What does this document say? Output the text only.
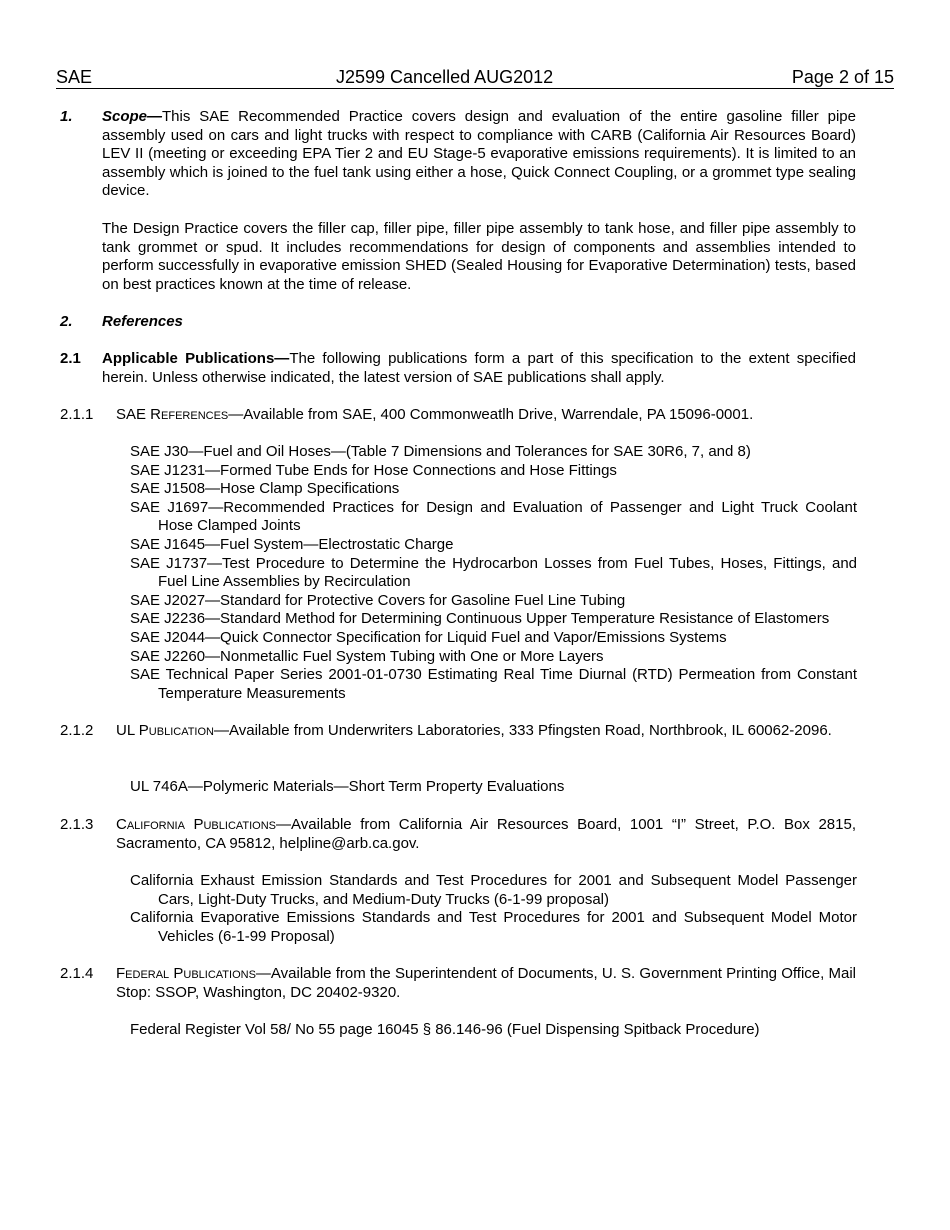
SAE	J2599 Cancelled AUG2012	Page 2 of 15
1. Scope—This SAE Recommended Practice covers design and evaluation of the entire gasoline filler pipe assembly used on cars and light trucks with respect to compliance with CARB (California Air Resources Board) LEV II (meeting or exceeding EPA Tier 2 and EU Stage-5 evaporative emissions requirements). It is limited to an assembly which is joined to the fuel tank using either a hose, Quick Connect Coupling, or a grommet type sealing device.
The Design Practice covers the filler cap, filler pipe, filler pipe assembly to tank hose, and filler pipe assembly to tank grommet or spud. It includes recommendations for design of components and assemblies intended to perform successfully in evaporative emission SHED (Sealed Housing for Evaporative Determination) tests, based on best practices known at the time of release.
2. References
2.1 Applicable Publications—The following publications form a part of this specification to the extent specified herein. Unless otherwise indicated, the latest version of SAE publications shall apply.
2.1.1 SAE References—Available from SAE, 400 Commonweatlh Drive, Warrendale, PA 15096-0001.
SAE J30—Fuel and Oil Hoses—(Table 7 Dimensions and Tolerances for SAE 30R6, 7, and 8)
SAE J1231—Formed Tube Ends for Hose Connections and Hose Fittings
SAE J1508—Hose Clamp Specifications
SAE J1697—Recommended Practices for Design and Evaluation of Passenger and Light Truck Coolant Hose Clamped Joints
SAE J1645—Fuel System—Electrostatic Charge
SAE J1737—Test Procedure to Determine the Hydrocarbon Losses from Fuel Tubes, Hoses, Fittings, and Fuel Line Assemblies by Recirculation
SAE J2027—Standard for Protective Covers for Gasoline Fuel Line Tubing
SAE J2236—Standard Method for Determining Continuous Upper Temperature Resistance of Elastomers
SAE J2044—Quick Connector Specification for Liquid Fuel and Vapor/Emissions Systems
SAE J2260—Nonmetallic Fuel System Tubing with One or More Layers
SAE Technical Paper Series 2001-01-0730 Estimating Real Time Diurnal (RTD) Permeation from Constant Temperature Measurements
2.1.2 UL Publication—Available from Underwriters Laboratories, 333 Pfingsten Road, Northbrook, IL 60062-2096.
UL 746A—Polymeric Materials—Short Term Property Evaluations
2.1.3 California Publications—Available from California Air Resources Board, 1001 “I” Street, P.O. Box 2815, Sacramento, CA 95812, helpline@arb.ca.gov.
California Exhaust Emission Standards and Test Procedures for 2001 and Subsequent Model Passenger Cars, Light-Duty Trucks, and Medium-Duty Trucks (6-1-99 proposal)
California Evaporative Emissions Standards and Test Procedures for 2001 and Subsequent Model Motor Vehicles (6-1-99 Proposal)
2.1.4 Federal Publications—Available from the Superintendent of Documents, U. S. Government Printing Office, Mail Stop: SSOP, Washington, DC 20402-9320.
Federal Register Vol 58/ No 55 page 16045 § 86.146-96 (Fuel Dispensing Spitback Procedure)
